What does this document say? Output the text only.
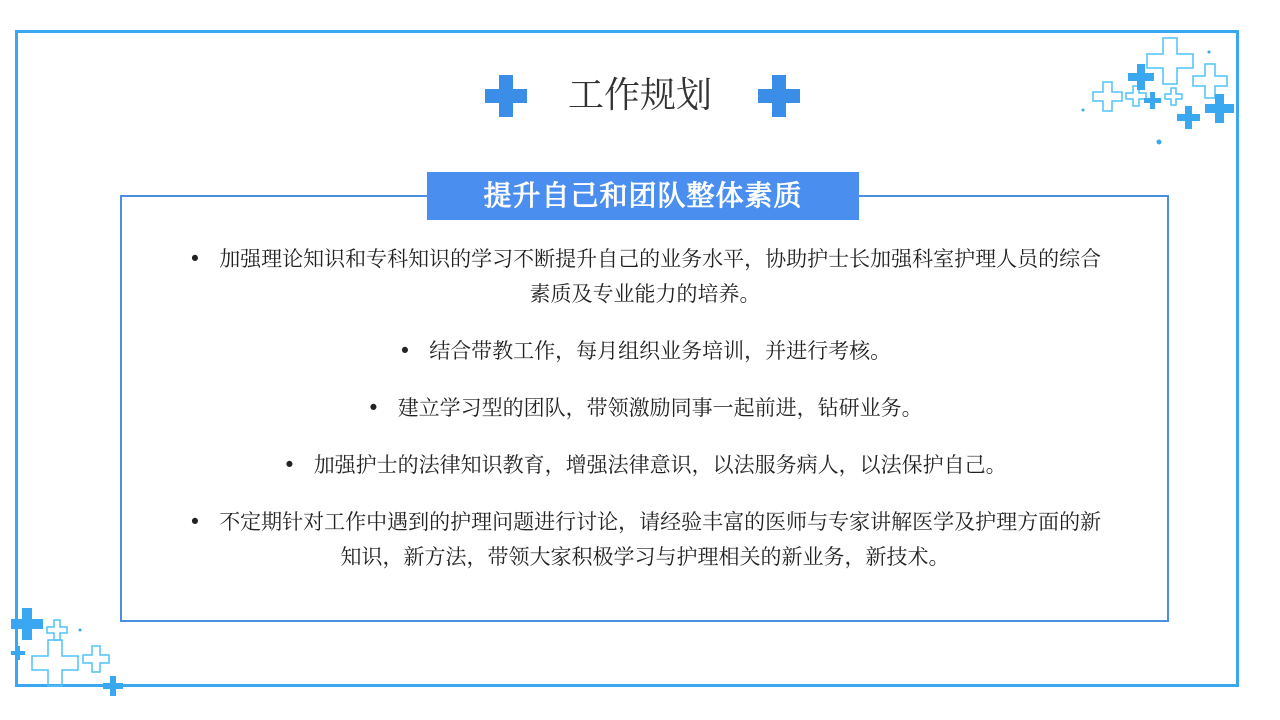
工作规划
提升自己和团队整体素质
• 加强理论知识和专科知识的学习不断提升自己的业务水平，协助护士长加强科室护理人员的综合素质及专业能力的培养。
• 结合带教工作，每月组织业务培训，并进行考核。
• 建立学习型的团队，带领激励同事一起前进，钻研业务。
• 加强护士的法律知识教育，增强法律意识，以法服务病人，以法保护自己。
• 不定期针对工作中遇到的护理问题进行讨论，请经验丰富的医师与专家讲解医学及护理方面的新知识，新方法，带领大家积极学习与护理相关的新业务，新技术。
